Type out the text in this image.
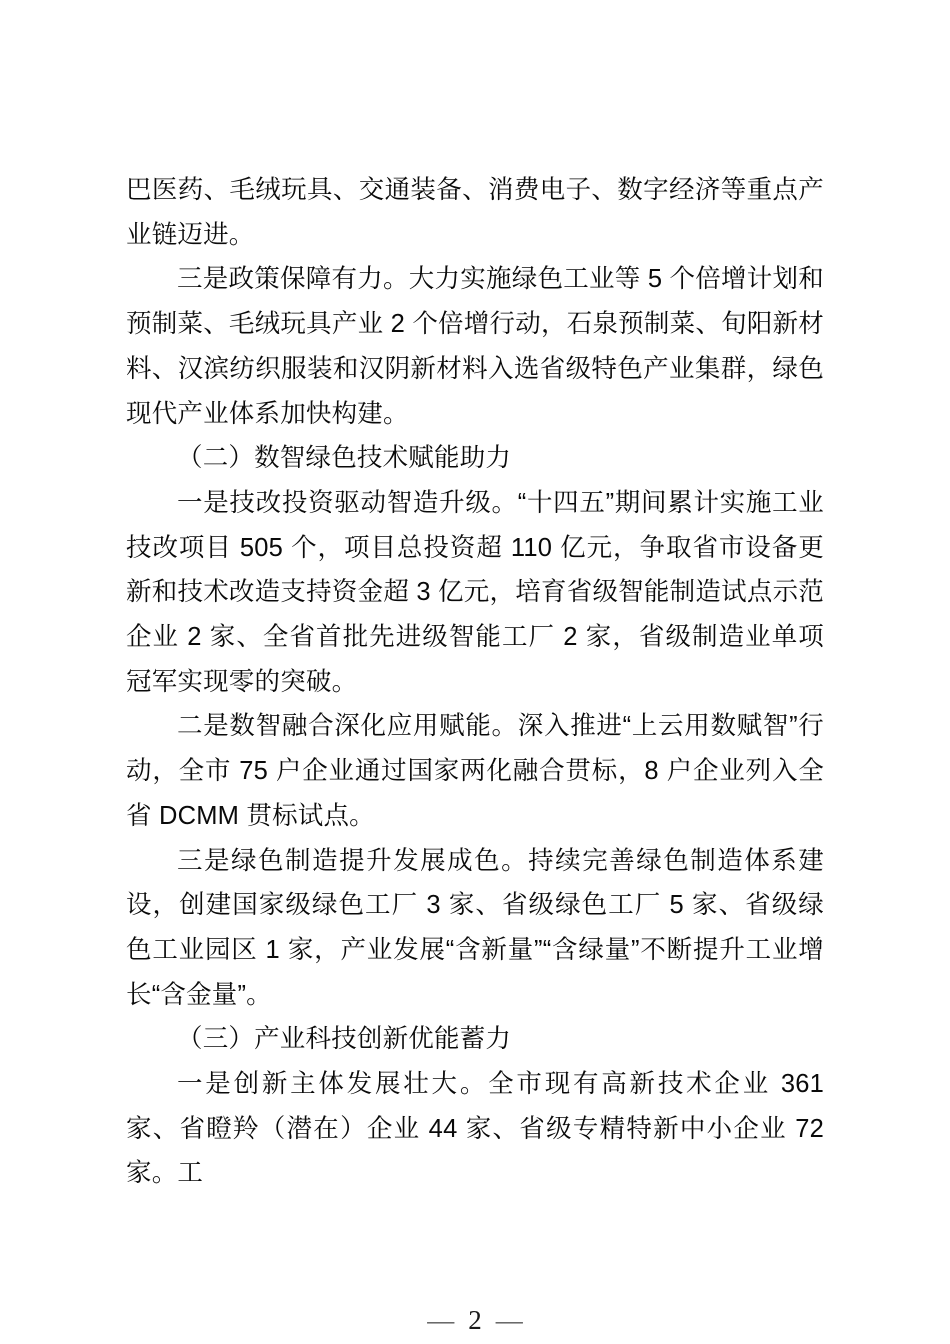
巴医药、毛绒玩具、交通装备、消费电子、数字经济等重点产业链迈进。

三是政策保障有力。大力实施绿色工业等 5 个倍增计划和预制菜、毛绒玩具产业 2 个倍增行动，石泉预制菜、旬阳新材料、汉滨纺织服装和汉阴新材料入选省级特色产业集群，绿色现代产业体系加快构建。

（二）数智绿色技术赋能助力

一是技改投资驱动智造升级。“十四五”期间累计实施工业技改项目 505 个，项目总投资超 110 亿元，争取省市设备更新和技术改造支持资金超 3 亿元，培育省级智能制造试点示范企业 2 家、全省首批先进级智能工厂 2 家，省级制造业单项冠军实现零的突破。

二是数智融合深化应用赋能。深入推进“上云用数赋智”行动，全市 75 户企业通过国家两化融合贯标，8 户企业列入全省 DCMM 贯标试点。

三是绿色制造提升发展成色。持续完善绿色制造体系建设，创建国家级绿色工厂 3 家、省级绿色工厂 5 家、省级绿色工业园区 1 家，产业发展“含新量”“含绿量”不断提升工业增长“含金量”。

（三）产业科技创新优能蓄力

一是创新主体发展壮大。全市现有高新技术企业 361 家、省瞪羚（潜在）企业 44 家、省级专精特新中小企业 72 家。工

— 2 —
